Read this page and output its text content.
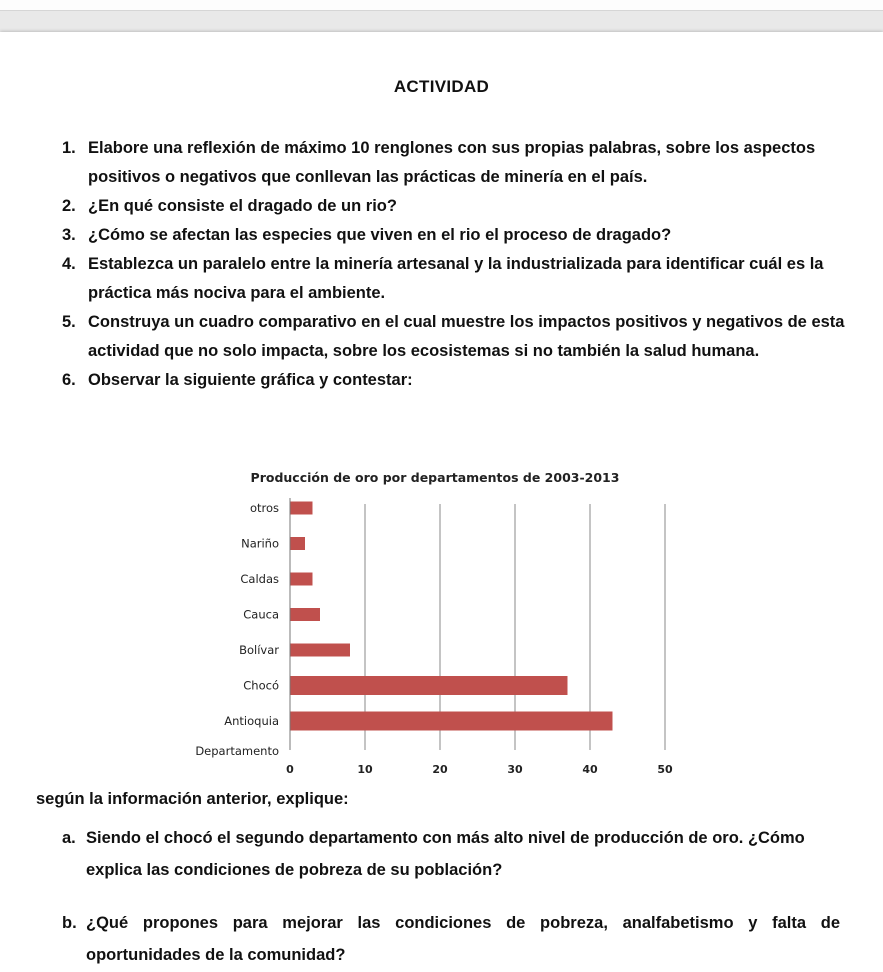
ACTIVIDAD
1. Elabore una reflexión de máximo 10 renglones con sus propias palabras, sobre los aspectos positivos o negativos que conllevan las prácticas de minería en el país.
2. ¿En qué consiste el dragado de un rio?
3. ¿Cómo se afectan las especies que viven en el rio el proceso de dragado?
4. Establezca un paralelo entre la minería artesanal y la industrializada para identificar cuál es la práctica más nociva para el ambiente.
5. Construya un cuadro comparativo en el cual muestre los impactos positivos y negativos de esta actividad que no solo impacta, sobre los ecosistemas si no también la salud humana.
6. Observar la siguiente gráfica y contestar:
Producción de oro por departamentos de 2003-2013
otros
Nariño
Caldas
Cauca
Bolívar
Chocó
Antioquia
Departamento
0	10	20	30	40	50
según la información anterior, explique:
a. Siendo el chocó el segundo departamento con más alto nivel de producción de oro. ¿Cómo explica las condiciones de pobreza de su población?
b. ¿Qué propones para mejorar las condiciones de pobreza, analfabetismo y falta de oportunidades de la comunidad?
